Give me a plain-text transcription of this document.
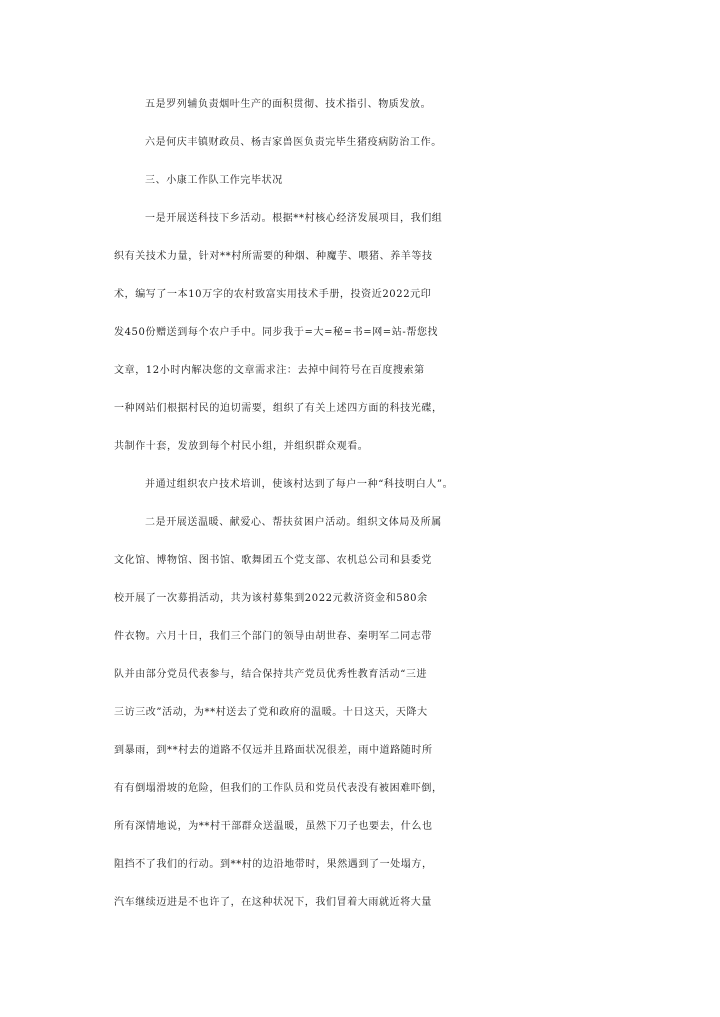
五是罗列辅负责烟叶生产的面积贯彻、技术指引、物质发放。
六是何庆丰镇财政员、杨吉家兽医负责完毕生猪疫病防治工作。
三、小康工作队工作完毕状况
一是开展送科技下乡活动。根据**村核心经济发展项目，我们组
织有关技术力量，针对**村所需要的种烟、种魔芋、喂猪、养羊等技
术，编写了一本10万字的农村致富实用技术手册，投资近2022元印
发450份赠送到每个农户手中。同步我于=大=秘=书=网=站-帮您找
文章，12小时内解决您的文章需求注：去掉中间符号在百度搜索第
一种网站们根据村民的迫切需要，组织了有关上述四方面的科技光碟，
共制作十套，发放到每个村民小组，并组织群众观看。
并通过组织农户技术培训，使该村达到了每户一种“科技明白人”。
二是开展送温暖、献爱心、帮扶贫困户活动。组织文体局及所属
文化馆、博物馆、图书馆、歌舞团五个党支部、农机总公司和县委党
校开展了一次募捐活动，共为该村募集到2022元救济资金和580余
件衣物。六月十日，我们三个部门的领导由胡世春、秦明军二同志带
队并由部分党员代表参与，结合保持共产党员优秀性教育活动“三进
三访三改”活动，为**村送去了党和政府的温暖。十日这天，天降大
到暴雨，到**村去的道路不仅远并且路面状况很差，雨中道路随时所
有有倒塌滑坡的危险，但我们的工作队员和党员代表没有被困难吓倒，
所有深情地说，为**村干部群众送温暖，虽然下刀子也要去，什么也
阻挡不了我们的行动。到**村的边沿地带时，果然遇到了一处塌方，
汽车继续迈进是不也许了，在这种状况下，我们冒着大雨就近将大量
